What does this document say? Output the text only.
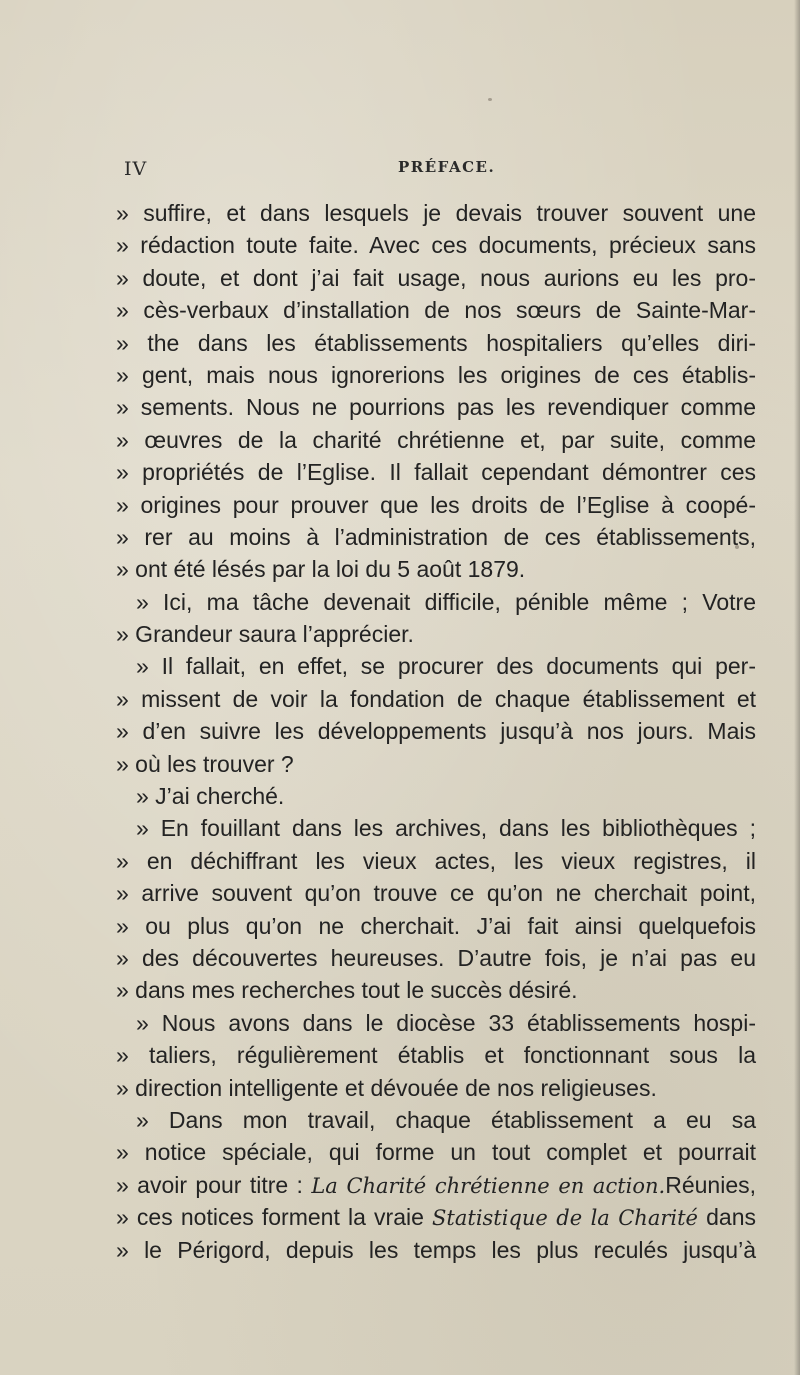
IV	PRÉFACE.
» suffire, et dans lesquels je devais trouver souvent une
» rédaction toute faite. Avec ces documents, précieux sans
» doute, et dont j’ai fait usage, nous aurions eu les pro-
» cès-verbaux d’installation de nos sœurs de Sainte-Mar-
» the dans les établissements hospitaliers qu’elles diri-
» gent, mais nous ignorerions les origines de ces établis-
» sements. Nous ne pourrions pas les revendiquer comme
» œuvres de la charité chrétienne et, par suite, comme
» propriétés de l’Eglise. Il fallait cependant démontrer ces
» origines pour prouver que les droits de l’Eglise à coopé-
» rer au moins à l’administration de ces établissements,
» ont été lésés par la loi du 5 août 1879.
» Ici, ma tâche devenait difficile, pénible même ; Votre
» Grandeur saura l’apprécier.
» Il fallait, en effet, se procurer des documents qui per-
» missent de voir la fondation de chaque établissement et
» d’en suivre les développements jusqu’à nos jours. Mais
» où les trouver ?
» J’ai cherché.
» En fouillant dans les archives, dans les bibliothèques ;
» en déchiffrant les vieux actes, les vieux registres, il
» arrive souvent qu’on trouve ce qu’on ne cherchait point,
» ou plus qu’on ne cherchait. J’ai fait ainsi quelquefois
» des découvertes heureuses. D’autre fois, je n’ai pas eu
» dans mes recherches tout le succès désiré.
» Nous avons dans le diocèse 33 établissements hospi-
» taliers, régulièrement établis et fonctionnant sous la
» direction intelligente et dévouée de nos religieuses.
» Dans mon travail, chaque établissement a eu sa
» notice spéciale, qui forme un tout complet et pourrait
» avoir pour titre : La Charité chrétienne en action.Réunies,
» ces notices forment la vraie Statistique de la Charité dans
» le Périgord, depuis les temps les plus reculés jusqu’à
